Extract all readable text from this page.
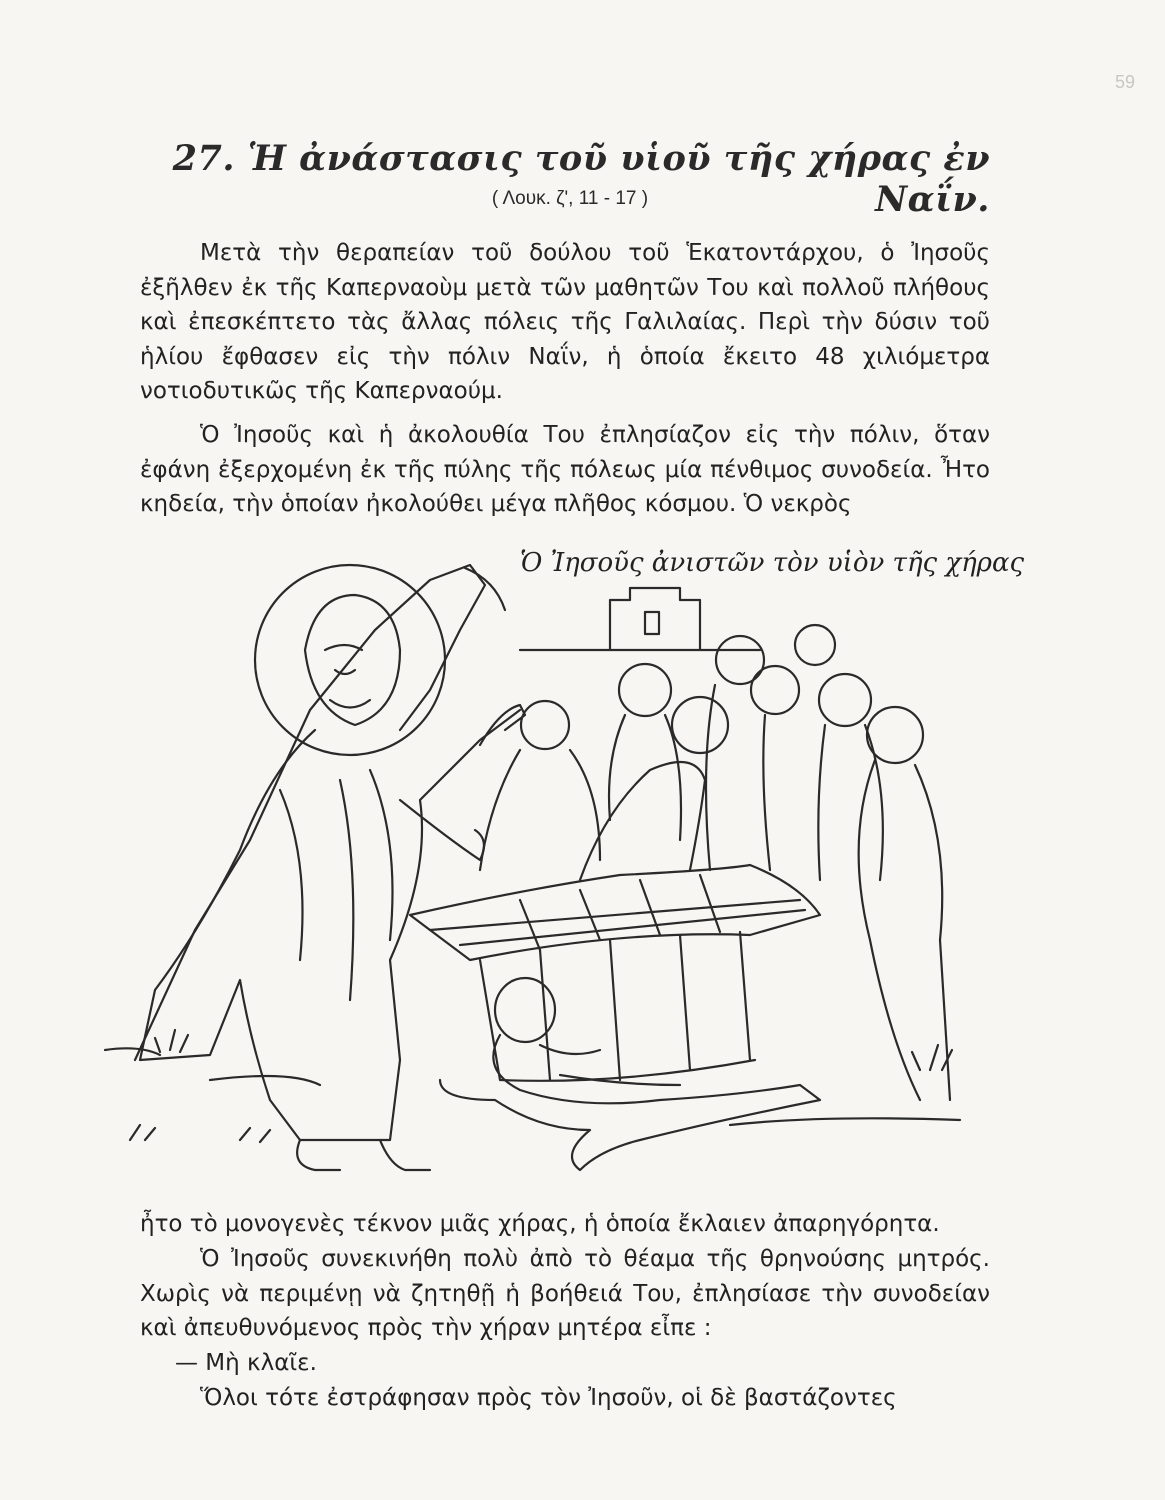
59
27. Ἡ ἀνάστασις τοῦ υἱοῦ τῆς χήρας ἐν Ναΐν.
( Λουκ. ζ', 11 - 17 )

Μετὰ τὴν θεραπείαν τοῦ δούλου τοῦ Ἑκατοντάρχου, ὁ Ἰησοῦς ἐξῆλθεν ἐκ τῆς Καπερναοὺμ μετὰ τῶν μαθητῶν Του καὶ πολλοῦ πλήθους καὶ ἐπεσκέπτετο τὰς ἄλλας πόλεις τῆς Γαλιλαίας. Περὶ τὴν δύσιν τοῦ ἡλίου ἔφθασεν εἰς τὴν πόλιν Ναΐν, ἡ ὁποία ἔκειτο 48 χιλιόμετρα νοτιοδυτικῶς τῆς Καπερναούμ.

Ὁ Ἰησοῦς καὶ ἡ ἀκολουθία Του ἐπλησίαζον εἰς τὴν πόλιν, ὅταν ἐφάνη ἐξερχομένη ἐκ τῆς πύλης τῆς πόλεως μία πένθιμος συνοδεία. Ἦτο κηδεία, τὴν ὁποίαν ἠκολούθει μέγα πλῆθος κόσμου. Ὁ νεκρὸς

Ὁ Ἰησοῦς ἀνιστῶν τὸν υἱὸν τῆς χήρας

ἦτο τὸ μονογενὲς τέκνον μιᾶς χήρας, ἡ ὁποία ἔκλαιεν ἀπαρηγόρητα.

Ὁ Ἰησοῦς συνεκινήθη πολὺ ἀπὸ τὸ θέαμα τῆς θρηνούσης μητρός. Χωρὶς νὰ περιμένῃ νὰ ζητηθῇ ἡ βοήθειά Του, ἐπλησίασε τὴν συνοδείαν καὶ ἀπευθυνόμενος πρὸς τὴν χήραν μητέρα εἶπε :

— Μὴ κλαῖε.

Ὅλοι τότε ἐστράφησαν πρὸς τὸν Ἰησοῦν, οἱ δὲ βαστάζοντες
